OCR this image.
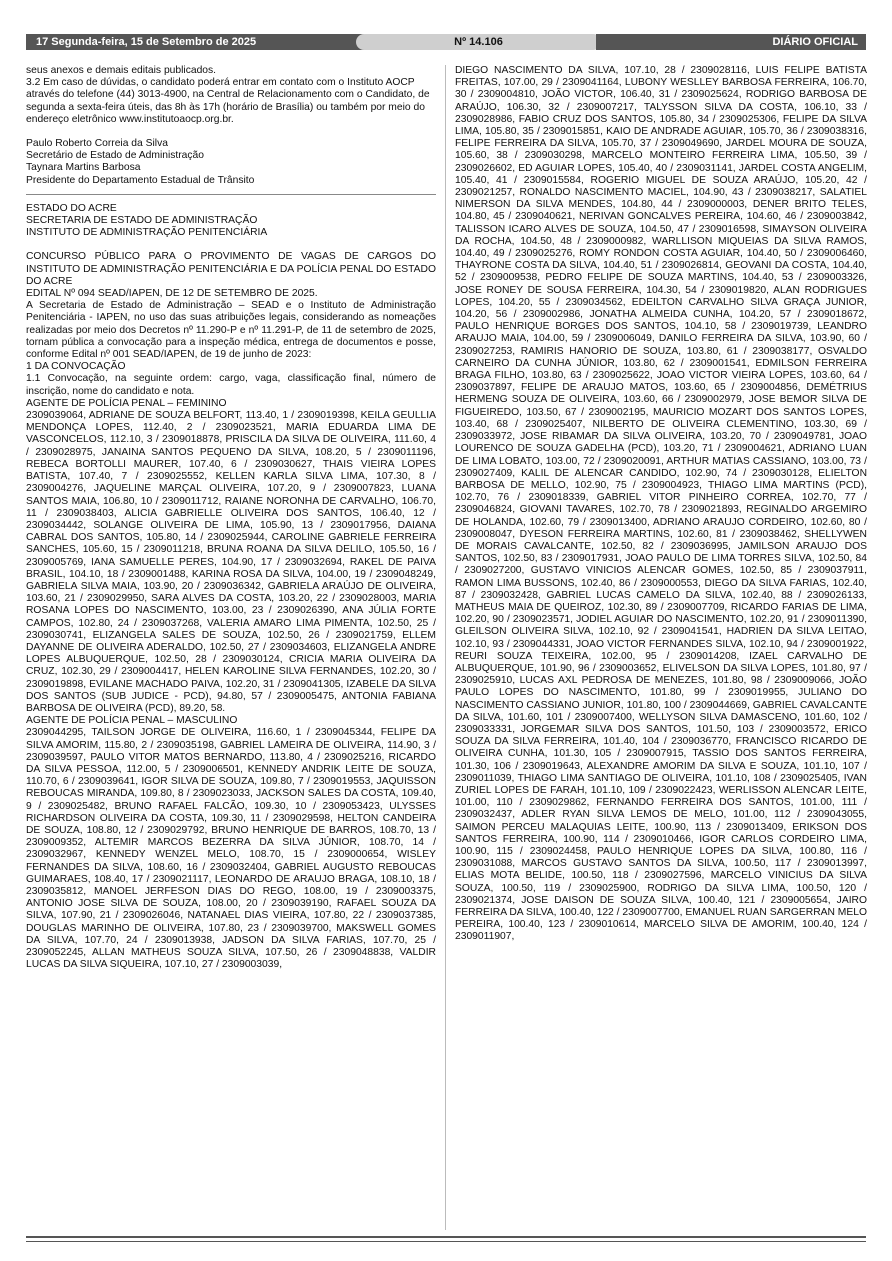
17 Segunda-feira, 15 de Setembro de 2025	Nº 14.106	DIÁRIO OFICIAL

seus anexos e demais editais publicados.

3.2 Em caso de dúvidas, o candidato poderá entrar em contato com o Instituto AOCP através do telefone (44) 3013-4900, na Central de Relacionamento com o Candidato, de segunda a sexta-feira úteis, das 8h às 17h (horário de Brasília) ou também por meio do endereço eletrônico www.institutoaocp.org.br.

Paulo Roberto Correia da Silva

Secretário de Estado de Administração

Taynara Martins Barbosa

Presidente do Departamento Estadual de Trânsito

ESTADO DO ACRE

SECRETARIA DE ESTADO DE ADMINISTRAÇÃO

INSTITUTO DE ADMINISTRAÇÃO PENITENCIÁRIA

CONCURSO PÚBLICO PARA O PROVIMENTO DE VAGAS DE CARGOS DO INSTITUTO DE ADMINISTRAÇÃO PENITENCIÁRIA E DA POLÍCIA PENAL DO ESTADO DO ACRE

EDITAL Nº 094 SEAD/IAPEN, DE 12 DE SETEMBRO DE 2025.

A Secretaria de Estado de Administração – SEAD e o Instituto de Administração Penitenciária - IAPEN, no uso das suas atribuições legais, considerando as nomeações realizadas por meio dos Decretos nº 11.290-P e nº 11.291-P, de 11 de setembro de 2025, tornam pública a convocação para a inspeção médica, entrega de documentos e posse, conforme Edital nº 001 SEAD/IAPEN, de 19 de junho de 2023:

1 DA CONVOCAÇÃO

1.1 Convocação, na seguinte ordem: cargo, vaga, classificação final, número de inscrição, nome do candidato e nota.

AGENTE DE POLÍCIA PENAL – FEMININO

2309039064, ADRIANE DE SOUZA BELFORT, 113.40, 1 / 2309019398, KEILA GEULLIA MENDONÇA LOPES, 112.40, 2 / 2309023521, MARIA EDUARDA LIMA DE VASCONCELOS, 112.10, 3 / 2309018878, PRISCILA DA SILVA DE OLIVEIRA, 111.60, 4 / 2309028975, JANAINA SANTOS PEQUENO DA SILVA, 108.20, 5 / 2309011196, REBECA BORTOLLI MAURER, 107.40, 6 / 2309030627, THAIS VIEIRA LOPES BATISTA, 107.40, 7 / 2309025552, KELLEN KARLA SILVA LIMA, 107.30, 8 / 2309004276, JAQUELINE MARÇAL OLIVEIRA, 107.20, 9 / 2309007823, LUANA SANTOS MAIA, 106.80, 10 / 2309011712, RAIANE NORONHA DE CARVALHO, 106.70, 11 / 2309038403, ALICIA GABRIELLE OLIVEIRA DOS SANTOS, 106.40, 12 / 2309034442, SOLANGE OLIVEIRA DE LIMA, 105.90, 13 / 2309017956, DAIANA CABRAL DOS SANTOS, 105.80, 14 / 2309025944, CAROLINE GABRIELE FERREIRA SANCHES, 105.60, 15 / 2309011218, BRUNA ROANA DA SILVA DELILO, 105.50, 16 / 2309005769, IANA SAMUELLE PERES, 104.90, 17 / 2309032694, RAKEL DE PAIVA BRASIL, 104.10, 18 / 2309001488, KARINA ROSA DA SILVA, 104.00, 19 / 2309048249, GABRIELA SILVA MAIA, 103.90, 20 / 2309036342, GABRIELA ARAÚJO DE OLIVEIRA, 103.60, 21 / 2309029950, SARA ALVES DA COSTA, 103.20, 22 / 2309028003, MARIA ROSANA LOPES DO NASCIMENTO, 103.00, 23 / 2309026390, ANA JÚLIA FORTE CAMPOS, 102.80, 24 / 2309037268, VALERIA AMARO LIMA PIMENTA, 102.50, 25 / 2309030741, ELIZANGELA SALES DE SOUZA, 102.50, 26 / 2309021759, ELLEM DAYANNE DE OLIVEIRA ADERALDO, 102.50, 27 / 2309034603, ELIZANGELA ANDRE LOPES ALBUQUERQUE, 102.50, 28 / 2309030124, CRICIA MARIA OLIVEIRA DA CRUZ, 102.30, 29 / 2309004417, HELEN KAROLINE SILVA FERNANDES, 102.20, 30 / 2309019898, EVILANE MACHADO PAIVA, 102.20, 31 / 2309041305, IZABELE DA SILVA DOS SANTOS (SUB JUDICE - PCD), 94.80, 57 / 2309005475, ANTONIA FABIANA BARBOSA DE OLIVEIRA (PCD), 89.20, 58.

AGENTE DE POLÍCIA PENAL – MASCULINO

2309044295, TAILSON JORGE DE OLIVEIRA, 116.60, 1 / 2309045344, FELIPE DA SILVA AMORIM, 115.80, 2 / 2309035198, GABRIEL LAMEIRA DE OLIVEIRA, 114.90, 3 / 2309039597, PAULO VITOR MATOS BERNARDO, 113.80, 4 / 2309025216, RICARDO DA SILVA PESSOA, 112.00, 5 / 2309006501, KENNEDY ANDRIK LEITE DE SOUZA, 110.70, 6 / 2309039641, IGOR SILVA DE SOUZA, 109.80, 7 / 2309019553, JAQUISSON REBOUCAS MIRANDA, 109.80, 8 / 2309023033, JACKSON SALES DA COSTA, 109.40, 9 / 2309025482, BRUNO RAFAEL FALCÃO, 109.30, 10 / 2309053423, ULYSSES RICHARDSON OLIVEIRA DA COSTA, 109.30, 11 / 2309029598, HELTON CANDEIRA DE SOUZA, 108.80, 12 / 2309029792, BRUNO HENRIQUE DE BARROS, 108.70, 13 / 2309009352, ALTEMIR MARCOS BEZERRA DA SILVA JÚNIOR, 108.70, 14 / 2309032967, KENNEDY WENZEL MELO, 108.70, 15 / 2309000654, WISLEY FERNANDES DA SILVA, 108.60, 16 / 2309032404, GABRIEL AUGUSTO REBOUCAS GUIMARAES, 108.40, 17 / 2309021117, LEONARDO DE ARAUJO BRAGA, 108.10, 18 / 2309035812, MANOEL JERFESON DIAS DO REGO, 108.00, 19 / 2309003375, ANTONIO JOSE SILVA DE SOUZA, 108.00, 20 / 2309039190, RAFAEL SOUZA DA SILVA, 107.90, 21 / 2309026046, NATANAEL DIAS VIEIRA, 107.80, 22 / 2309037385, DOUGLAS MARINHO DE OLIVEIRA, 107.80, 23 / 2309039700, MAKSWELL GOMES DA SILVA, 107.70, 24 / 2309013938, JADSON DA SILVA FARIAS, 107.70, 25 / 2309052245, ALLAN MATHEUS SOUZA SILVA, 107.50, 26 / 2309048838, VALDIR LUCAS DA SILVA SIQUEIRA, 107.10, 27 / 2309003039,

DIEGO NASCIMENTO DA SILVA, 107.10, 28 / 2309028116, LUIS FELIPE BATISTA FREITAS, 107.00, 29 / 2309041164, LUBONY WESLLEY BARBOSA FERREIRA, 106.70, 30 / 2309004810, JOÃO VICTOR, 106.40, 31 / 2309025624, RODRIGO BARBOSA DE ARAÚJO, 106.30, 32 / 2309007217, TALYSSON SILVA DA COSTA, 106.10, 33 / 2309028986, FABIO CRUZ DOS SANTOS, 105.80, 34 / 2309025306, FELIPE DA SILVA LIMA, 105.80, 35 / 2309015851, KAIO DE ANDRADE AGUIAR, 105.70, 36 / 2309038316, FELIPE FERREIRA DA SILVA, 105.70, 37 / 2309049690, JARDEL MOURA DE SOUZA, 105.60, 38 / 2309030298, MARCELO MONTEIRO FERREIRA LIMA, 105.50, 39 / 2309026602, ED AGUIAR LOPES, 105.40, 40 / 2309031141, JARDEL COSTA ANGELIM, 105.40, 41 / 2309015584, ROGERIO MIGUEL DE SOUZA ARAÚJO, 105.20, 42 / 2309021257, RONALDO NASCIMENTO MACIEL, 104.90, 43 / 2309038217, SALATIEL NIMERSON DA SILVA MENDES, 104.80, 44 / 2309000003, DENER BRITO TELES, 104.80, 45 / 2309040621, NERIVAN GONCALVES PEREIRA, 104.60, 46 / 2309003842, TALISSON ICARO ALVES DE SOUZA, 104.50, 47 / 2309016598, SIMAYSON OLIVEIRA DA ROCHA, 104.50, 48 / 2309000982, WARLLISON MIQUEIAS DA SILVA RAMOS, 104.40, 49 / 2309025276, ROMY RONDON COSTA AGUIAR, 104.40, 50 / 2309006460, THAYRONE COSTA DA SILVA, 104.40, 51 / 2309026814, GEOVANI DA COSTA, 104.40, 52 / 2309009538, PEDRO FELIPE DE SOUZA MARTINS, 104.40, 53 / 2309003326, JOSE RONEY DE SOUSA FERREIRA, 104.30, 54 / 2309019820, ALAN RODRIGUES LOPES, 104.20, 55 / 2309034562, EDEILTON CARVALHO SILVA GRAÇA JUNIOR, 104.20, 56 / 2309002986, JONATHA ALMEIDA CUNHA, 104.20, 57 / 2309018672, PAULO HENRIQUE BORGES DOS SANTOS, 104.10, 58 / 2309019739, LEANDRO ARAUJO MAIA, 104.00, 59 / 2309006049, DANILO FERREIRA DA SILVA, 103.90, 60 / 2309027253, RAMIRIS HANORIO DE SOUZA, 103.80, 61 / 2309038177, OSVALDO CARNEIRO DA CUNHA JÚNIOR, 103.80, 62 / 2309001541, EDMILSON FERREIRA BRAGA FILHO, 103.80, 63 / 2309025622, JOAO VICTOR VIEIRA LOPES, 103.60, 64 / 2309037897, FELIPE DE ARAUJO MATOS, 103.60, 65 / 2309004856, DEMÉTRIUS HERMENG SOUZA DE OLIVEIRA, 103.60, 66 / 2309002979, JOSE BEMOR SILVA DE FIGUEIREDO, 103.50, 67 / 2309002195, MAURICIO MOZART DOS SANTOS LOPES, 103.40, 68 / 2309025407, NILBERTO DE OLIVEIRA CLEMENTINO, 103.30, 69 / 2309033972, JOSE RIBAMAR DA SILVA OLIVEIRA, 103.20, 70 / 2309049781, JOAO LOURENCO DE SOUZA GADELHA (PCD), 103.20, 71 / 2309004621, ADRIANO LUAN DE LIMA LOBATO, 103.00, 72 / 2309020091, ARTHUR MATIAS CASSIANO, 103.00, 73 / 2309027409, KALIL DE ALENCAR CANDIDO, 102.90, 74 / 2309030128, ELIELTON BARBOSA DE MELLO, 102.90, 75 / 2309004923, THIAGO LIMA MARTINS (PCD), 102.70, 76 / 2309018339, GABRIEL VITOR PINHEIRO CORREA, 102.70, 77 / 2309046824, GIOVANI TAVARES, 102.70, 78 / 2309021893, REGINALDO ARGEMIRO DE HOLANDA, 102.60, 79 / 2309013400, ADRIANO ARAUJO CORDEIRO, 102.60, 80 / 2309008047, DYESON FERREIRA MARTINS, 102.60, 81 / 2309038462, SHELLYWEN DE MORAIS CAVALCANTE, 102.50, 82 / 2309036995, JAMILSON ARAUJO DOS SANTOS, 102.50, 83 / 2309017931, JOAO PAULO DE LIMA TORRES SILVA, 102.50, 84 / 2309027200, GUSTAVO VINICIOS ALENCAR GOMES, 102.50, 85 / 2309037911, RAMON LIMA BUSSONS, 102.40, 86 / 2309000553, DIEGO DA SILVA FARIAS, 102.40, 87 / 2309032428, GABRIEL LUCAS CAMELO DA SILVA, 102.40, 88 / 2309026133, MATHEUS MAIA DE QUEIROZ, 102.30, 89 / 2309007709, RICARDO FARIAS DE LIMA, 102.20, 90 / 2309023571, JODIEL AGUIAR DO NASCIMENTO, 102.20, 91 / 2309011390, GLEILSON OLIVEIRA SILVA, 102.10, 92 / 2309041541, HADRIEN DA SILVA LEITAO, 102.10, 93 / 2309044331, JOAO VICTOR FERNANDES SILVA, 102.10, 94 / 2309001922, REURI SOUZA TEIXEIRA, 102.00, 95 / 2309014208, IZAEL CARVALHO DE ALBUQUERQUE, 101.90, 96 / 2309003652, ELIVELSON DA SILVA LOPES, 101.80, 97 / 2309025910, LUCAS AXL PEDROSA DE MENEZES, 101.80, 98 / 2309009066, JOÃO PAULO LOPES DO NASCIMENTO, 101.80, 99 / 2309019955, JULIANO DO NASCIMENTO CASSIANO JUNIOR, 101.80, 100 / 2309044669, GABRIEL CAVALCANTE DA SILVA, 101.60, 101 / 2309007400, WELLYSON SILVA DAMASCENO, 101.60, 102 / 2309033331, JORGEMAR SILVA DOS SANTOS, 101.50, 103 / 2309003572, ERICO SOUZA DA SILVA FERREIRA, 101.40, 104 / 2309036770, FRANCISCO RICARDO DE OLIVEIRA CUNHA, 101.30, 105 / 2309007915, TASSIO DOS SANTOS FERREIRA, 101.30, 106 / 2309019643, ALEXANDRE AMORIM DA SILVA E SOUZA, 101.10, 107 / 2309011039, THIAGO LIMA SANTIAGO DE OLIVEIRA, 101.10, 108 / 2309025405, IVAN ZURIEL LOPES DE FARAH, 101.10, 109 / 2309022423, WERLISSON ALENCAR LEITE, 101.00, 110 / 2309029862, FERNANDO FERREIRA DOS SANTOS, 101.00, 111 / 2309032437, ADLER RYAN SILVA LEMOS DE MELO, 101.00, 112 / 2309043055, SAIMON PERCEU MALAQUIAS LEITE, 100.90, 113 / 2309013409, ERIKSON DOS SANTOS FERREIRA, 100.90, 114 / 2309010466, IGOR CARLOS CORDEIRO LIMA, 100.90, 115 / 2309024458, PAULO HENRIQUE LOPES DA SILVA, 100.80, 116 / 2309031088, MARCOS GUSTAVO SANTOS DA SILVA, 100.50, 117 / 2309013997, ELIAS MOTA BELIDE, 100.50, 118 / 2309027596, MARCELO VINICIUS DA SILVA SOUZA, 100.50, 119 / 2309025900, RODRIGO DA SILVA LIMA, 100.50, 120 / 2309021374, JOSE DAISON DE SOUZA SILVA, 100.40, 121 / 2309005654, JAIRO FERREIRA DA SILVA, 100.40, 122 / 2309007700, EMANUEL RUAN SARGERRAN MELO PEREIRA, 100.40, 123 / 2309010614, MARCELO SILVA DE AMORIM, 100.40, 124 / 2309011907,
